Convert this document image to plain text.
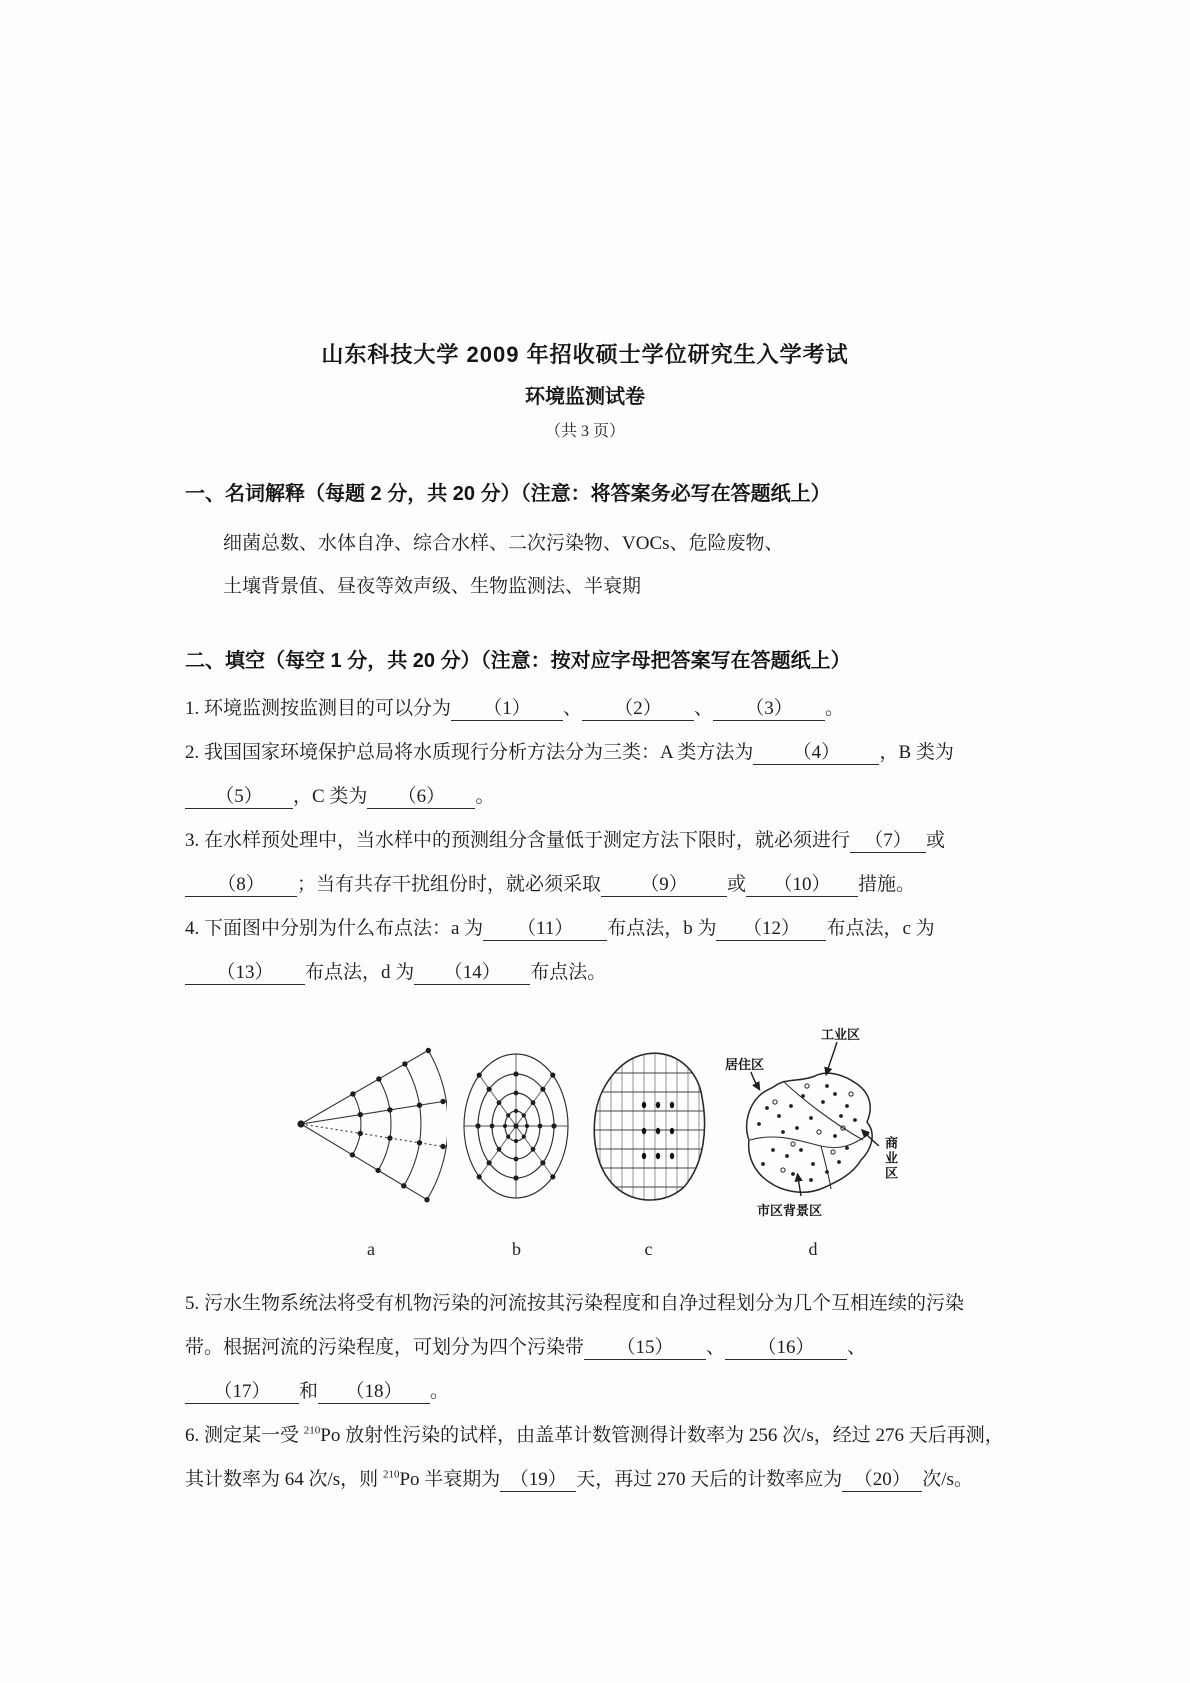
山东科技大学 2009 年招收硕士学位研究生入学考试
环境监测试卷
（共 3 页）
一、名词解释（每题 2 分，共 20 分）（注意：将答案务必写在答题纸上）
细菌总数、水体自净、综合水样、二次污染物、VOCs、危险废物、
土壤背景值、昼夜等效声级、生物监测法、半衰期
二、填空（每空 1 分，共 20 分）（注意：按对应字母把答案写在答题纸上）
1. 环境监测按监测目的可以分为 （1） 、 （2） 、 （3） 。
2. 我国国家环境保护总局将水质现行分析方法分为三类：A 类方法为 （4） ，B 类为
（5） ，C 类为 （6） 。
3. 在水样预处理中，当水样中的预测组分含量低于测定方法下限时，就必须进行 （7） 或
（8） ；当有共存干扰组份时，就必须采取 （9） 或 （10） 措施。
4. 下面图中分别为什么布点法：a 为 （11） 布点法，b 为 （12） 布点法，c 为
（13） 布点法，d 为 （14） 布点法。
工业区
居住区
商业区
市区背景区
a	b	c	d
5. 污水生物系统法将受有机物污染的河流按其污染程度和自净过程划分为几个互相连续的污染
带。根据河流的污染程度，可划分为四个污染带 （15） 、 （16） 、
（17） 和 （18） 。
6. 测定某一受 $^{210}$Po 放射性污染的试样，由盖革计数管测得计数率为 256 次/s，经过 276 天后再测，
其计数率为 64 次/s，则 $^{210}$Po 半衰期为 （19） 天，再过 270 天后的计数率应为 （20） 次/s。
